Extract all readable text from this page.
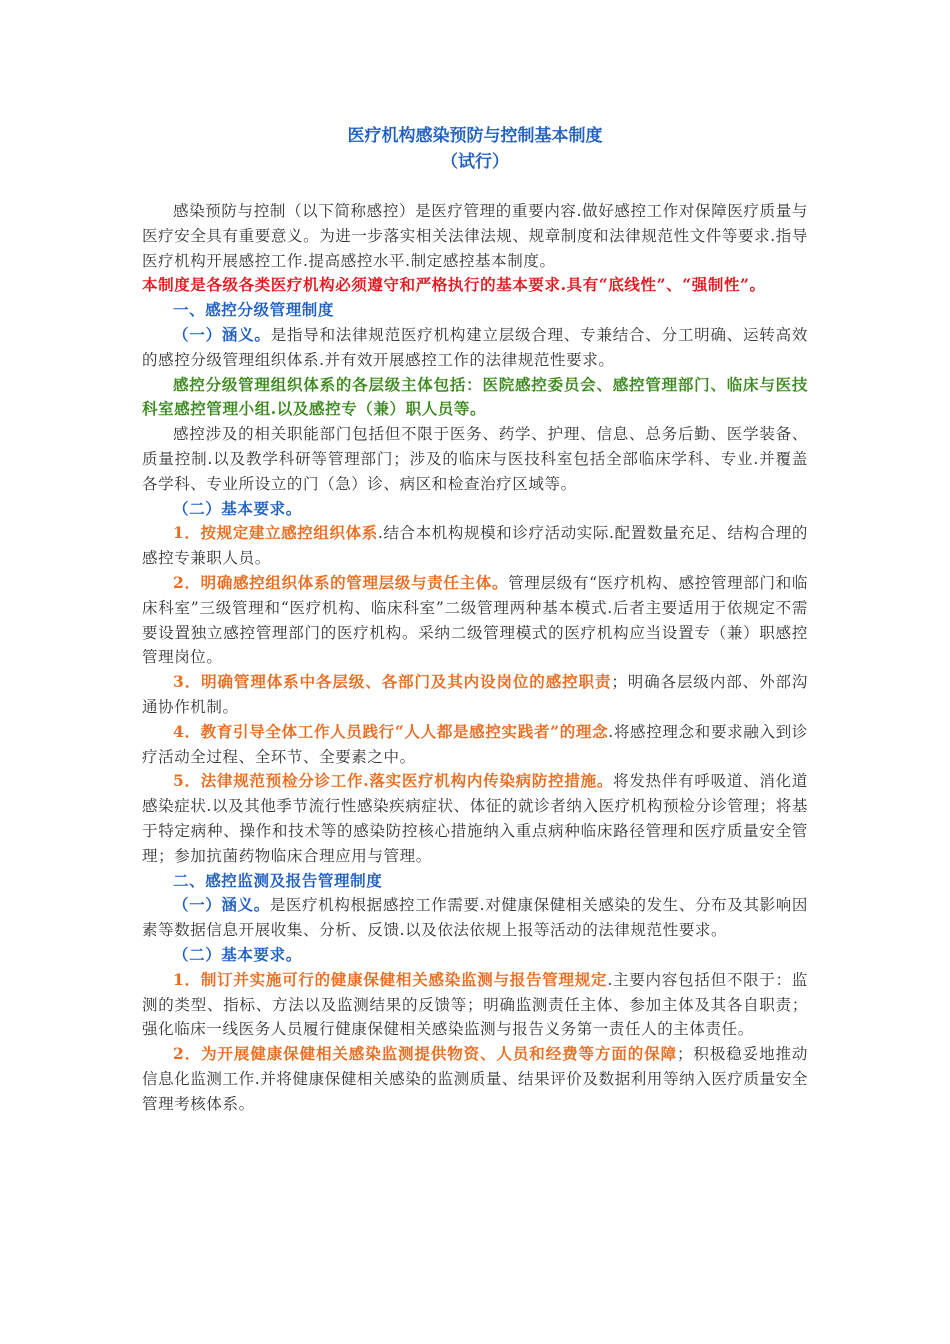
医疗机构感染预防与控制基本制度
（试行）

感染预防与控制（以下简称感控）是医疗管理的重要内容.做好感控工作对保障医疗质量与医疗安全具有重要意义。为进一步落实相关法律法规、规章制度和法律规范性文件等要求.指导医疗机构开展感控工作.提高感控水平.制定感控基本制度。

本制度是各级各类医疗机构必须遵守和严格执行的基本要求.具有“底线性”、“强制性”。

一、感控分级管理制度

（一）涵义。是指导和法律规范医疗机构建立层级合理、专兼结合、分工明确、运转高效的感控分级管理组织体系.并有效开展感控工作的法律规范性要求。

感控分级管理组织体系的各层级主体包括：医院感控委员会、感控管理部门、临床与医技科室感控管理小组.以及感控专（兼）职人员等。

感控涉及的相关职能部门包括但不限于医务、药学、护理、信息、总务后勤、医学装备、质量控制.以及教学科研等管理部门；涉及的临床与医技科室包括全部临床学科、专业.并覆盖各学科、专业所设立的门（急）诊、病区和检查治疗区域等。

（二）基本要求。

1．按规定建立感控组织体系.结合本机构规模和诊疗活动实际.配置数量充足、结构合理的感控专兼职人员。

2．明确感控组织体系的管理层级与责任主体。管理层级有“医疗机构、感控管理部门和临床科室”三级管理和“医疗机构、临床科室”二级管理两种基本模式.后者主要适用于依规定不需要设置独立感控管理部门的医疗机构。采纳二级管理模式的医疗机构应当设置专（兼）职感控管理岗位。

3．明确管理体系中各层级、各部门及其内设岗位的感控职责；明确各层级内部、外部沟通协作机制。

4．教育引导全体工作人员践行“人人都是感控实践者”的理念.将感控理念和要求融入到诊疗活动全过程、全环节、全要素之中。

5．法律规范预检分诊工作.落实医疗机构内传染病防控措施。将发热伴有呼吸道、消化道感染症状.以及其他季节流行性感染疾病症状、体征的就诊者纳入医疗机构预检分诊管理；将基于特定病种、操作和技术等的感染防控核心措施纳入重点病种临床路径管理和医疗质量安全管理；参加抗菌药物临床合理应用与管理。

二、感控监测及报告管理制度

（一）涵义。是医疗机构根据感控工作需要.对健康保健相关感染的发生、分布及其影响因素等数据信息开展收集、分析、反馈.以及依法依规上报等活动的法律规范性要求。

（二）基本要求。

1．制订并实施可行的健康保健相关感染监测与报告管理规定.主要内容包括但不限于：监测的类型、指标、方法以及监测结果的反馈等；明确监测责任主体、参加主体及其各自职责；强化临床一线医务人员履行健康保健相关感染监测与报告义务第一责任人的主体责任。

2．为开展健康保健相关感染监测提供物资、人员和经费等方面的保障；积极稳妥地推动信息化监测工作.并将健康保健相关感染的监测质量、结果评价及数据利用等纳入医疗质量安全管理考核体系。
